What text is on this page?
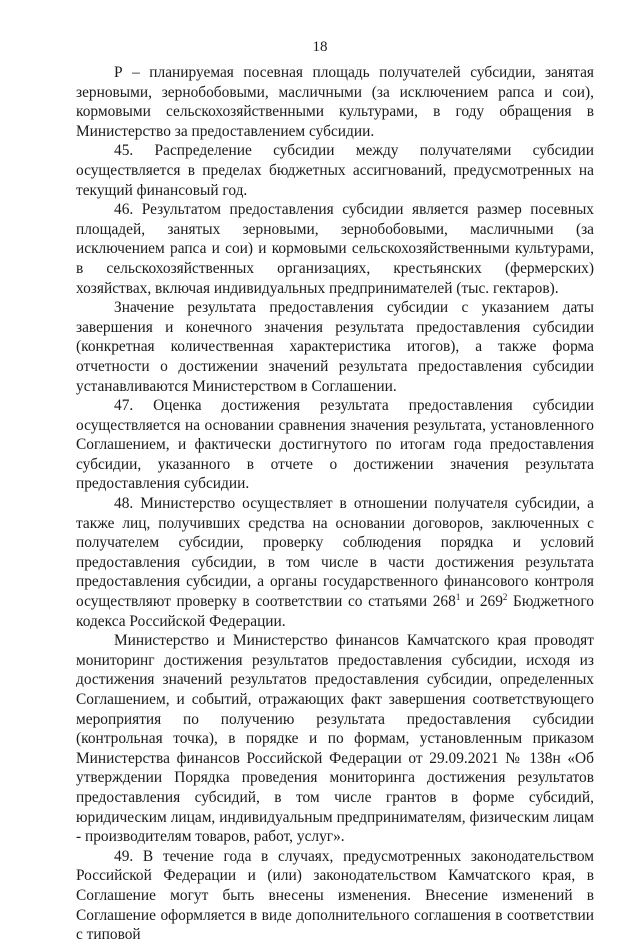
18

Р – планируемая посевная площадь получателей субсидии, занятая зерновыми, зернобобовыми, масличными (за исключением рапса и сои), кормовыми сельскохозяйственными культурами, в году обращения в Министерство за предоставлением субсидии.

45. Распределение субсидии между получателями субсидии осуществляется в пределах бюджетных ассигнований, предусмотренных на текущий финансовый год.

46. Результатом предоставления субсидии является размер посевных площадей, занятых зерновыми, зернобобовыми, масличными (за исключением рапса и сои) и кормовыми сельскохозяйственными культурами, в сельскохозяйственных организациях, крестьянских (фермерских) хозяйствах, включая индивидуальных предпринимателей (тыс. гектаров).

Значение результата предоставления субсидии с указанием даты завершения и конечного значения результата предоставления субсидии (конкретная количественная характеристика итогов), а также форма отчетности о достижении значений результата предоставления субсидии устанавливаются Министерством в Соглашении.

47. Оценка достижения результата предоставления субсидии осуществляется на основании сравнения значения результата, установленного Соглашением, и фактически достигнутого по итогам года предоставления субсидии, указанного в отчете о достижении значения результата предоставления субсидии.

48. Министерство осуществляет в отношении получателя субсидии, а также лиц, получивших средства на основании договоров, заключенных с получателем субсидии, проверку соблюдения порядка и условий предоставления субсидии, в том числе в части достижения результата предоставления субсидии, а органы государственного финансового контроля осуществляют проверку в соответствии со статьями $268^1$ и $269^2$ Бюджетного кодекса Российской Федерации.

Министерство и Министерство финансов Камчатского края проводят мониторинг достижения результатов предоставления субсидии, исходя из достижения значений результатов предоставления субсидии, определенных Соглашением, и событий, отражающих факт завершения соответствующего мероприятия по получению результата предоставления субсидии (контрольная точка), в порядке и по формам, установленным приказом Министерства финансов Российской Федерации от 29.09.2021 № 138н «Об утверждении Порядка проведения мониторинга достижения результатов предоставления субсидий, в том числе грантов в форме субсидий, юридическим лицам, индивидуальным предпринимателям, физическим лицам - производителям товаров, работ, услуг».

49. В течение года в случаях, предусмотренных законодательством Российской Федерации и (или) законодательством Камчатского края, в Соглашение могут быть внесены изменения. Внесение изменений в Соглашение оформляется в виде дополнительного соглашения в соответствии с типовой
